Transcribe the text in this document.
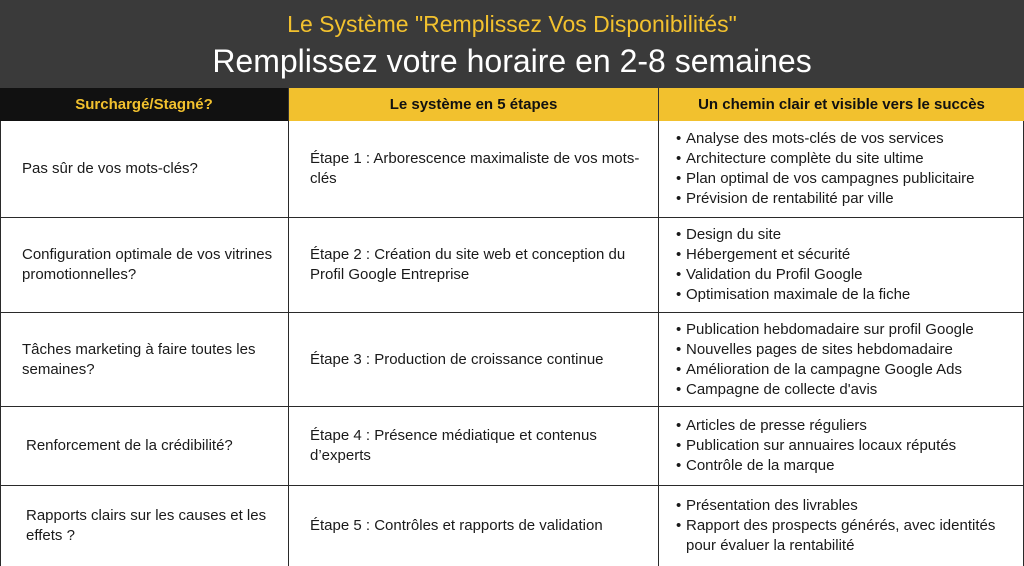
Le Système "Remplissez Vos Disponibilités"
Remplissez votre horaire en 2-8 semaines
Surchargé/Stagné?	Le système en 5 étapes	Un chemin clair et visible vers le succès
Pas sûr de vos mots-clés?
Étape 1 : Arborescence maximaliste de vos mots-clés
• Analyse des mots-clés de vos services
• Architecture complète du site ultime
• Plan optimal de vos campagnes publicitaire
• Prévision de rentabilité par ville
Configuration optimale de vos vitrines promotionnelles?
Étape 2 : Création du site web et conception du Profil Google Entreprise
• Design du site
• Hébergement et sécurité
• Validation du Profil Google
• Optimisation maximale de la fiche
Tâches marketing à faire toutes les semaines?
Étape 3 : Production de croissance continue
• Publication hebdomadaire sur profil Google
• Nouvelles pages de sites hebdomadaire
• Amélioration de la campagne Google Ads
• Campagne de collecte d'avis
Renforcement de la crédibilité?
Étape 4 : Présence médiatique et contenus d’experts
• Articles de presse réguliers
• Publication sur annuaires locaux réputés
• Contrôle de la marque
Rapports clairs sur les causes et les effets ?
Étape 5 : Contrôles et rapports de validation
• Présentation des livrables
• Rapport des prospects générés, avec identités pour évaluer la rentabilité
